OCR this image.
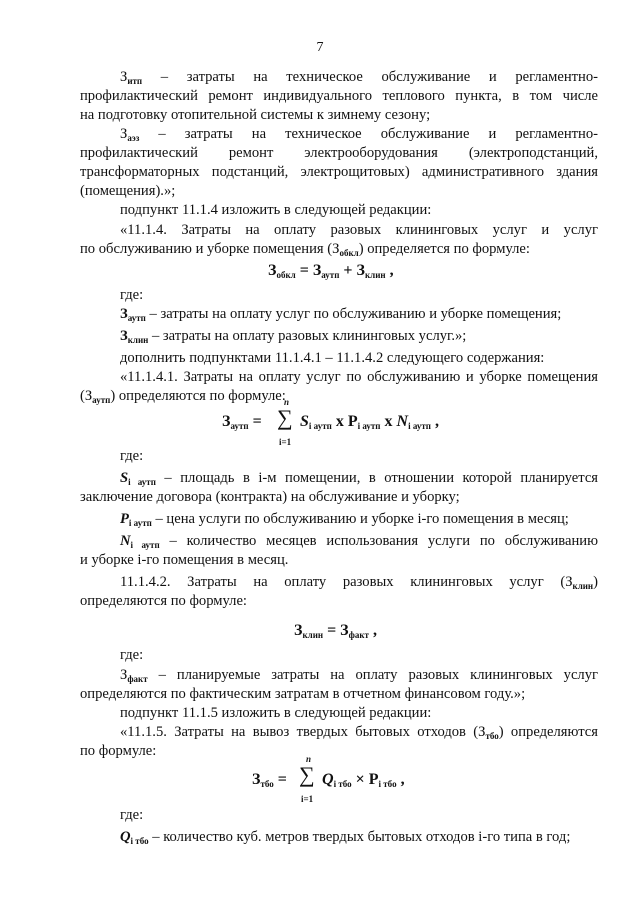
7
$З_{итп}$ – затраты на техническое обслуживание и регламентно-
профилактический ремонт индивидуального теплового пункта, в том числе
на подготовку отопительной системы к зимнему сезону;
$З_{аэз}$ – затраты на техническое обслуживание и регламентно-
профилактический ремонт электрооборудования (электроподстанций,
трансформаторных подстанций, электрощитовых) административного здания
(помещения).»;
подпункт 11.1.4 изложить в следующей редакции:
«11.1.4. Затраты на оплату разовых клининговых услуг и услуг
по обслуживанию и уборке помещения $(З_{обкл})$ определяется по формуле:
$З_{обкл} = З_{аутп} + З_{клин}$ ,
где:
$З_{аутп}$ – затраты на оплату услуг по обслуживанию и уборке помещения;
$З_{клин}$ – затраты на оплату разовых клининговых услуг.»;
дополнить подпунктами 11.1.4.1 – 11.1.4.2 следующего содержания:
«11.1.4.1. Затраты на оплату услуг по обслуживанию и уборке помещения
$(З_{аутп})$ определяются по формуле:
$З_{аутп}$ =
n
∑
i=1
$S_{i аутп}$ x $P_{i аутп}$ x $N_{i аутп}$ ,
где:
$S_{i аутп}$ – площадь в i-м помещении, в отношении которой планируется
заключение договора (контракта) на обслуживание и уборку;
$P_{i аутп}$ – цена услуги по обслуживанию и уборке i-го помещения в месяц;
$N_{i аутп}$ – количество месяцев использования услуги по обслуживанию
и уборке i-го помещения в месяц.
11.1.4.2. Затраты на оплату разовых клининговых услуг $(З_{клин})$
определяются по формуле:
$З_{клин} = З_{факт}$ ,
где:
$З_{факт}$ – планируемые затраты на оплату разовых клининговых услуг
определяются по фактическим затратам в отчетном финансовом году.»;
подпункт 11.1.5 изложить в следующей редакции:
«11.1.5. Затраты на вывоз твердых бытовых отходов $(З_{тбо})$ определяются
по формуле:
$З_{тбо}$ =
n
∑
i=1
$Q_{i тбо} \times P_{i тбо}$ ,
где:
$Q_{i тбо}$ – количество куб. метров твердых бытовых отходов i-го типа в год;
